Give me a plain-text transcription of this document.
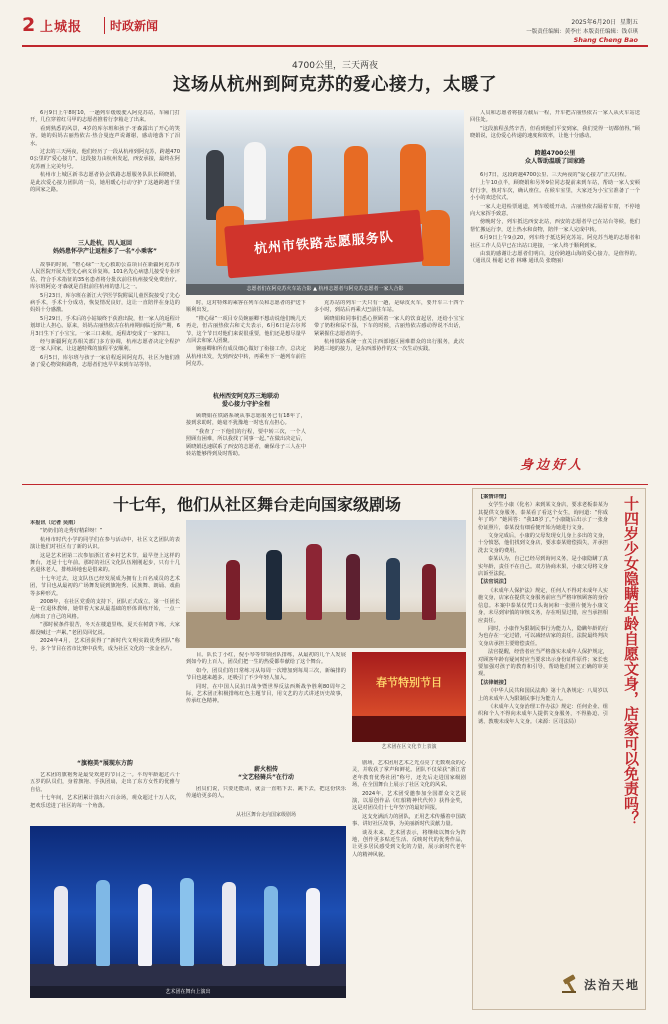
2 上城报	时政新闻	2025年6月20日 星期五
一版责任编辑：黄李庄 本版责任编辑：钱卓琪
Shang Cheng Bao
4700公里，三天两夜
这场从杭州到阿克苏的爱心接力，太暖了

6月9日上午8时10，一趟列车缓缓驶入阿克苏站，车厢门打开，几位穿着红马甲的志愿者推着行李箱走了出来。

看到熟悉的风景，4岁的库尔班和孩子·牙森露出了开心的笑容。她的妈妈古丽热依古·热合曼连声说谢谢，感动地落下了泪水。

过去的三天两夜，他们经历了一段从杭州到阿克苏，跨越4700公里的“爱心接力”。这段接力由杭州发起，西安承接，最终在阿克苏画上完美句号。

杭州市上城区新书志愿者协会铁路志愿服务队队长顾晓娟，是此次爱心接力团队的一员，她用暖心行动守护了这趟跨越千里的回家之路。

三人赴杭，四人返回
妈妈患怀孕产让返程多了一名“小乘客”

故事的时间，“橙心绿”一无心救助公益项目在新疆阿克苏市人民医院开展大型先心病义诊复筛。101名先心病患儿接受专业评估，符合手术指征的35名患者将分批次前往杭州接受免费治疗。库尔班阿克·牙森就是首批前往杭州的患儿之一。

5月23日，库尔班在浙江大学医学院附属儿童医院接受了先心病手术，手术十分成功，恢复情况良好，这让一直陪伴在身边的妈妈十分感激。

5月29日，手术后的小姑娘终于获准出院，但一家人的返程计划却让人担心。原来，妈妈古丽热依古在杭州期间临近预产期，6月3日生下了小宝宝。一家三口来杭，返程却变成了一家四口。

经与新疆阿克苏相关部门多方协调，杭州志愿者决定全程护送一家人回家，让这趟特殊的旅程平安顺利。

6月5日，库尔班与孩子一家启程返回阿克苏，社区为他们准备了爱心物资和路费，志愿者们也早早来到车站等待。

杭州市铁路志愿服务队
志愿者们在阿克苏火车站合影 ▲ 杭州志愿者与阿克苏志愿者一家人合影

时，这对特殊的乘客在列车员和志愿者的护送下顺利出发。

“橙心绿”一项目专员婉丽卿不想动说他们晚几天再走，但古丽热依古和丈夫表示，6月6日是古尔邦节，这个节日对他们来说很重要，他们还是想尽量早点回去和家人团聚。

婉丽卿和所有成员细心做好了衔接工作，总决定从杭州出发，先到西安中转，再乘坐下一趟列车前往阿克苏。

杭州西安阿克苏三地联动
爱心接力守护全程

顾晓娟在铁路系统从事志愿服务已有18年了，接到求助时，她毫不犹豫地一时也有点担心。

“我查了一下他们的行程，要中转三次，一个人照顾有困难，所以我找了同事一起。”在做出决定后，顾晓娟迅速联系了西安的志愿者，确保母子三人在中转站能够得到及时帮助。

克苏站的列车一天只有一趟，是绿皮火车，要开车三十四个多小时，到站后再乘大巴前往车站。

顾晓娟和同事们悉心照顾着一家人的饮食起居，还给小宝宝带了奶粉和尿不湿，下车的时候，古丽热依古感动得说不出话，紧紧握住志愿者的手。

杭州铁路系统一直关注西部地区困难群众的出行服务，此次跨越三地的接力，是东西部协作的又一次生动实践。

人员和志愿者将接力截后一程，开车把古丽热依古一家人从火车站送回住处。

“这段旅程虽然辛苦，但看到他们平安到家，我们觉得一切都值得。”顾晓娟说，这份爱心传递的速度和效率，让他十分感动。

跨越4700公里
众人帮助温暖了回家路

6月7日，这段跨越4700公里、三天两夜的“爱心接力”正式启程。

上午10点半，顾晓娟和另外9位同志提前来到车站，帮助一家人安顿好行李，核对车次，确认座位。在候车室里，大家还为小宝宝准备了一个小小的欢送仪式。

一家人走进检票通道，列车缓缓开动。古丽热依古隔着车窗，不停地向大家挥手致意。

傍晚时分，列车抵达西安北站，西安的志愿者早已在站台等候，他们帮忙搬运行李，送上热水和食物，陪伴一家人完成中转。

6月9日上午9点20，列车终于抵达阿克苏站。阿克苏当地的志愿者和社区工作人员早已在出站口迎接，一家人终于顺利到家。

由衷的感谢让志愿者们明白，这份跨越山海的爱心接力，是值得的。（通讯员 杨超 记者 林琳 通讯员 张晓丽）

身边好人
十七年，他们从社区舞台走向国家级剧场

本报讯（记者 吴雨）

“奶奶们的走秀好精彩呀！”

杭州市时代小学的同学们在参与活动中，社区文艺团队的表演让他们对社区有了新的认识。

这是艺术团第二次参加浙江省乡村艺术节，最早登上这样的舞台，还是十七年前。那时的社区文化队伍刚刚起步，只有十几名退休老人，排练场地也是借来的。

十七年过去，这支队伍已经发展成为拥有上百名成员的艺术团，节目也从最初的广场舞发展到旗袍秀、民族舞、朗诵、戏曲等多种形式。

2008年，在社区党委的支持下，团队正式成立。第一任团长是一位退休教师，她带着大家从最基础的形体训练开始，一点一点练出了自己的风格。

“那时候条件很苦，冬天在楼道里练，夏天在树荫下练，大家都没喊过一声累。”老团员回忆说。

2024年4月，艺术团获得了“新时代文明实践优秀团队”称号，多个节目在省市比赛中获奖，成为社区文化的一张金名片。

“旗袍美”展现东方韵

艺术团的旗袍秀是最受欢迎的节目之一。平均年龄超过六十五岁的队员们，身着旗袍、手执团扇，走出了东方女性的优雅与自信。

十七年间，艺术团累计演出六百余场，观众超过十万人次，把欢乐送进了社区的每一个角落。

目。队长丁小红，倪小琴等带领团队排练，从最初的几个人发展到如今的上百人，团员们把一生的热爱都奉献给了这个舞台。

如今，团员们的日常练习从每周一次增加到每周三次，新编排的节目也越来越多，还吸引了不少年轻人加入。

同时，在中国人民抗日战争暨世界反法西斯战争胜利80周年之际，艺术团正积极排练红色主题节目，用文艺的方式讲述历史故事，传承红色精神。

春节特别节目
艺术团在区文化节上表演
薪火相传
“文艺轻骑兵”在行动

团员们说，只要还能动，就会一直唱下去、跳下去，把这份快乐传递给更多的人。

从社区舞台走向国家级剧场

剧场，艺术团用艺术之光点亮了无数观众的心灵，并收获了掌声和鲜花。团队不仅荣获“浙江省老年教育优秀社团”称号，还先后走进国家级剧场，在全国舞台上展示了社区文化的风采。

2024年，艺术团受邀参加全国群众文艺展演，以原创作品《红船精神代代传》获得金奖，这是对团员们十七年坚守的最好回报。

这支充满活力的团队，正用艺术传播着中国故事、讲好社区故事，为美丽新时代贡献力量。

谈及未来，艺术团表示，将继续以舞台为阵地，创作更多贴近生活、反映时代的优秀作品，让更多居民感受到文化的力量，展示新时代老年人的精神风貌。

艺术团在舞台上演出

【案情详情】

女学生小康（化名）来到某文身店，要求老板泰某为其提供文身服务，泰某看了看这个女生，询问道：“你成年了吗？”她回答：“我18岁了。”小康随后出示了一张身份证照片，泰某没有细看便开始为她进行文身。

文身完成后，小康的父母发现女儿身上多出的文身，十分愤怒，他们找到文身店，要求泰某赔偿损失，并承担洗去文身的费用。

泰某认为，自己已经尽到询问义务，是小康隐瞒了真实年龄，责任不在自己。双方协商未果，小康父母将文身店诉至法院。

【法官说法】

《未成年人保护法》规定，任何人不得对未成年人实施文身，店家在提供文身服务前应当严格审核顾客的身份信息。本案中泰某仅凭口头询问和一张照片便为小康文身，未尽到审慎的审核义务，存在明显过错，应当承担相应责任。

同时，小康作为限制民事行为能力人，隐瞒年龄的行为也存在一定过错，可以减轻店家的责任。法院最终判决文身店承担主要赔偿责任。

法官提醒，经营者应当严格落实未成年人保护规定，对顾客年龄有疑问时应当要求出示身份证件原件；家长也要加强对孩子的教育和引导，帮助他们树立正确的审美观。

【法律链接】

《中华人民共和国民法典》第十九条规定：八周岁以上的未成年人为限制民事行为能力人。

《未成年人文身治理工作办法》规定：任何企业、组织和个人不得向未成年人提供文身服务，不得胁迫、引诱、教唆未成年人文身。（来源：区司法局）	十四岁少女隐瞒年龄自愿文身，店家可以免责吗？
法治天地
